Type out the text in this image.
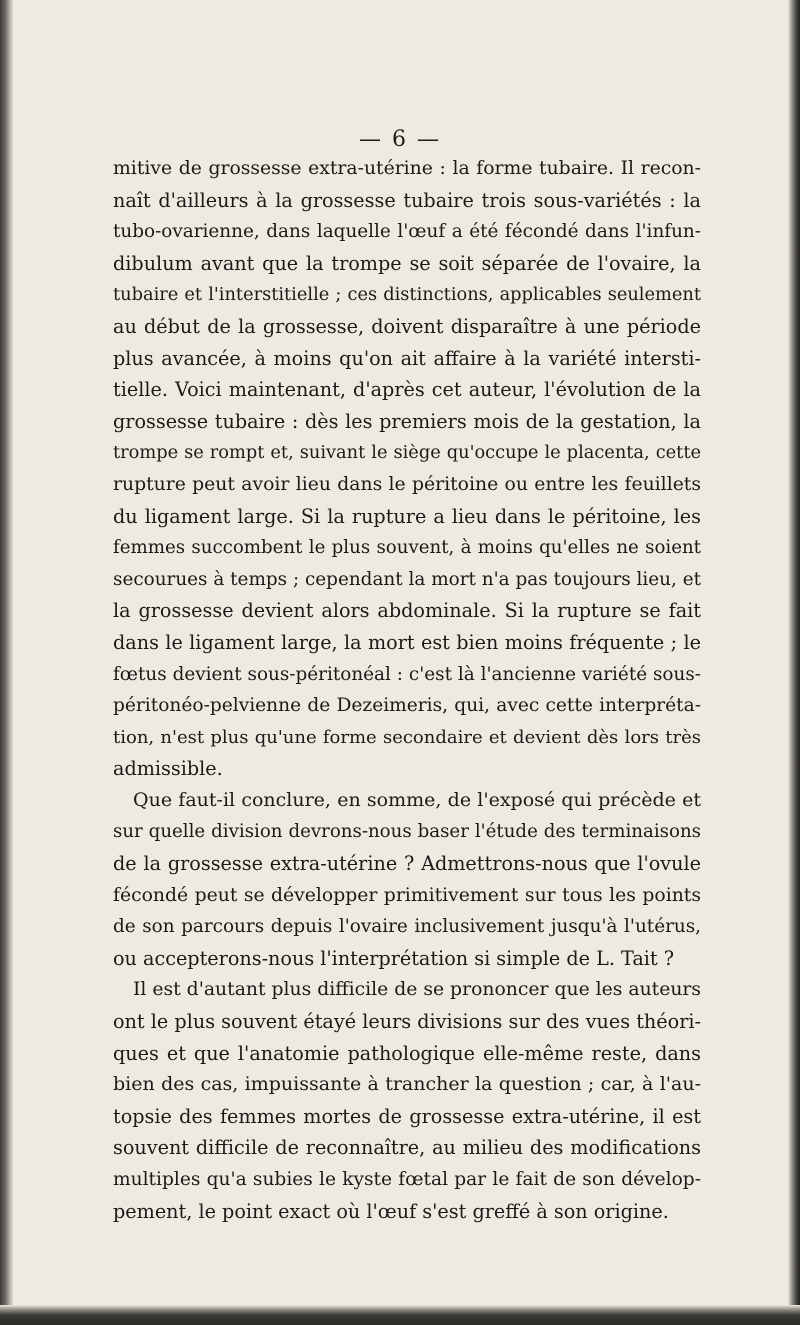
— 6 —
mitive de grossesse extra-utérine : la forme tubaire. Il recon-
naît d'ailleurs à la grossesse tubaire trois sous-variétés : la
tubo-ovarienne, dans laquelle l'œuf a été fécondé dans l'infun-
dibulum avant que la trompe se soit séparée de l'ovaire, la
tubaire et l'interstitielle ; ces distinctions, applicables seulement
au début de la grossesse, doivent disparaître à une période
plus avancée, à moins qu'on ait affaire à la variété intersti-
tielle. Voici maintenant, d'après cet auteur, l'évolution de la
grossesse tubaire : dès les premiers mois de la gestation, la
trompe se rompt et, suivant le siège qu'occupe le placenta, cette
rupture peut avoir lieu dans le péritoine ou entre les feuillets
du ligament large. Si la rupture a lieu dans le péritoine, les
femmes succombent le plus souvent, à moins qu'elles ne soient
secourues à temps ; cependant la mort n'a pas toujours lieu, et
la grossesse devient alors abdominale. Si la rupture se fait
dans le ligament large, la mort est bien moins fréquente ; le
fœtus devient sous-péritonéal : c'est là l'ancienne variété sous-
péritonéo-pelvienne de Dezeimeris, qui, avec cette interpréta-
tion, n'est plus qu'une forme secondaire et devient dès lors très
admissible.
Que faut-il conclure, en somme, de l'exposé qui précède et
sur quelle division devrons-nous baser l'étude des terminaisons
de la grossesse extra-utérine ? Admettrons-nous que l'ovule
fécondé peut se développer primitivement sur tous les points
de son parcours depuis l'ovaire inclusivement jusqu'à l'utérus,
ou accepterons-nous l'interprétation si simple de L. Tait ?
Il est d'autant plus difficile de se prononcer que les auteurs
ont le plus souvent étayé leurs divisions sur des vues théori-
ques et que l'anatomie pathologique elle-même reste, dans
bien des cas, impuissante à trancher la question ; car, à l'au-
topsie des femmes mortes de grossesse extra-utérine, il est
souvent difficile de reconnaître, au milieu des modifications
multiples qu'a subies le kyste fœtal par le fait de son dévelop-
pement, le point exact où l'œuf s'est greffé à son origine.
